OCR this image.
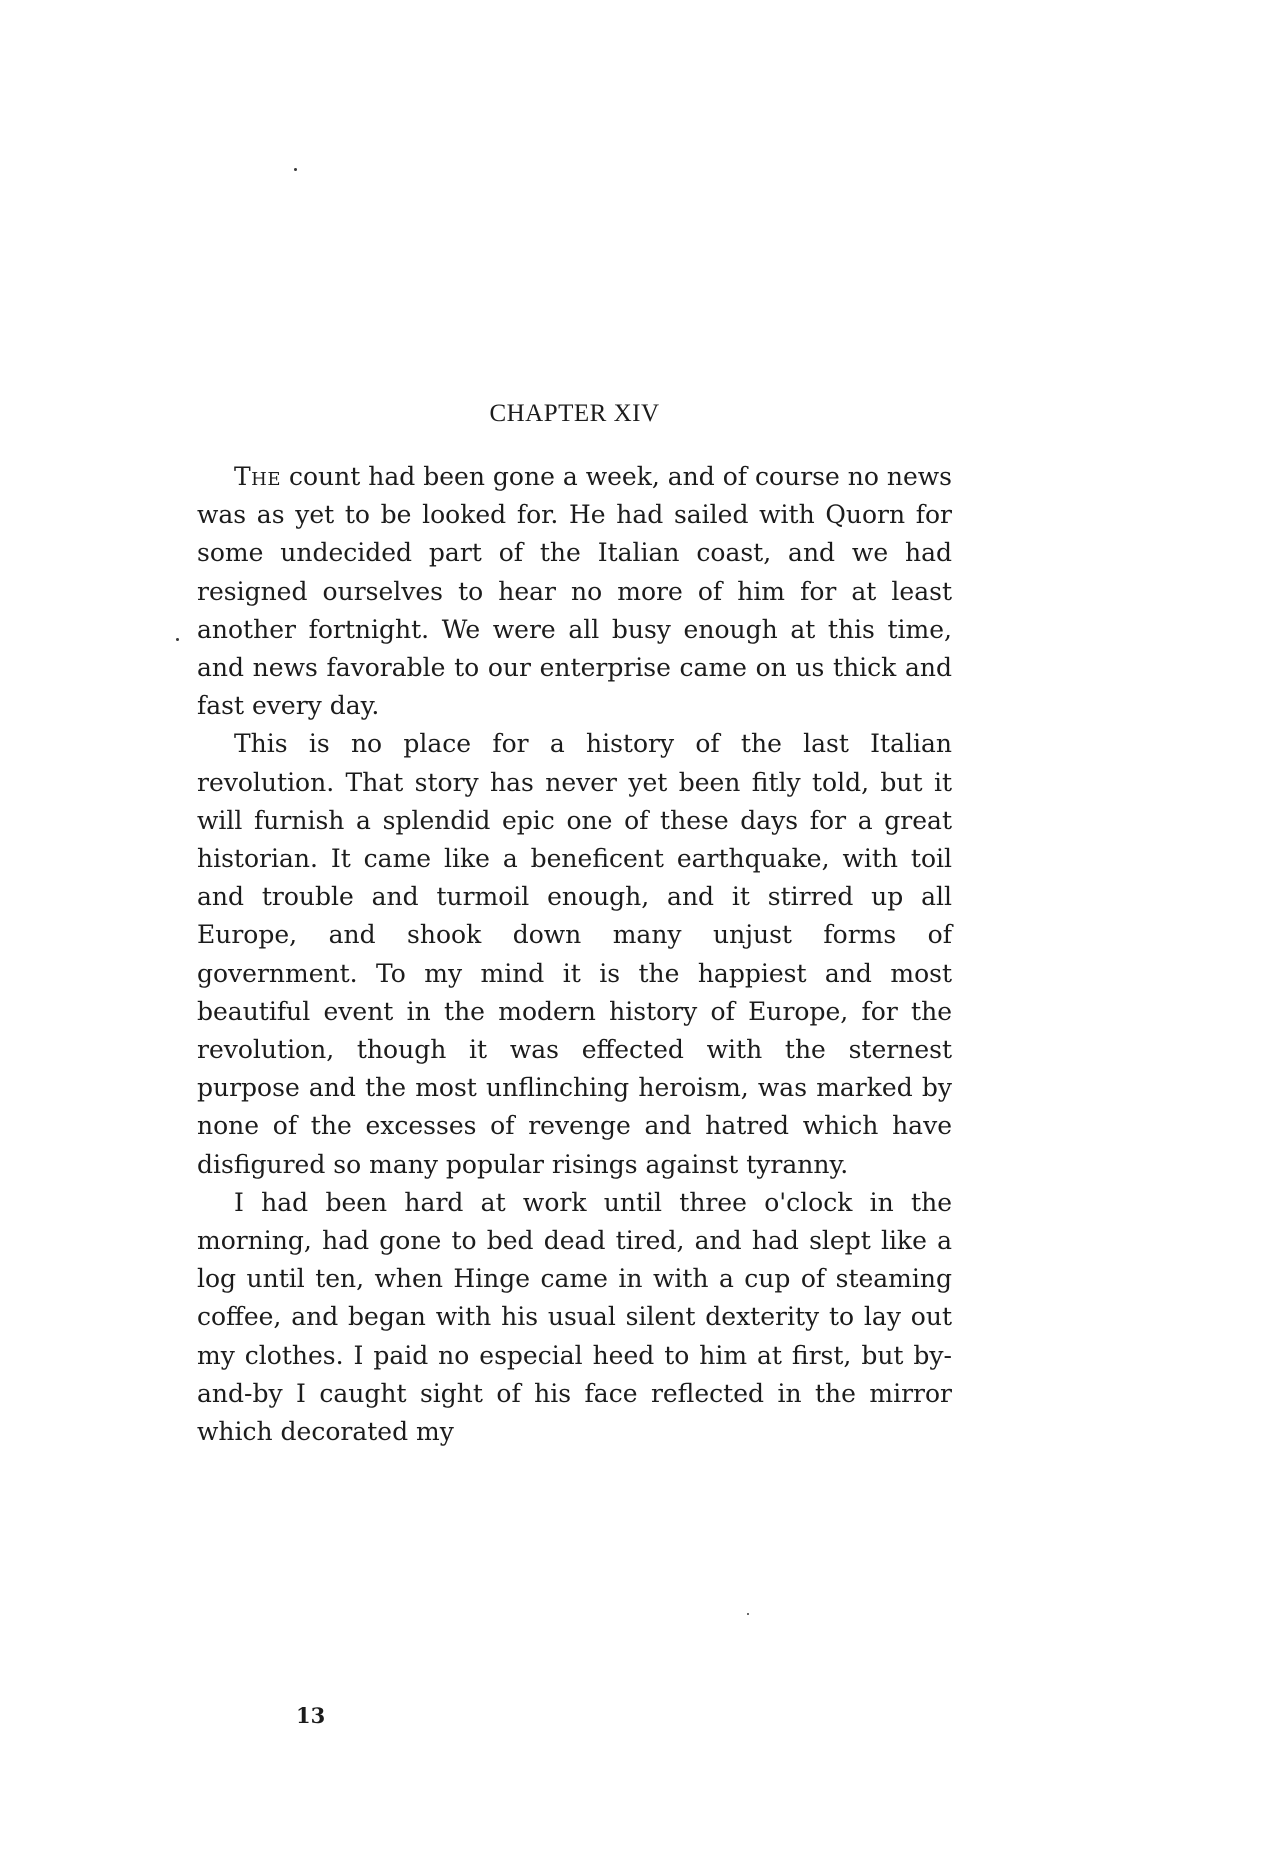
CHAPTER XIV

The count had been gone a week, and of course no news was as yet to be looked for. He had sailed with Quorn for some undecided part of the Italian coast, and we had resigned ourselves to hear no more of him for at least another fortnight. We were all busy enough at this time, and news favorable to our enterprise came on us thick and fast every day.

This is no place for a history of the last Italian revolution. That story has never yet been fitly told, but it will furnish a splendid epic one of these days for a great historian. It came like a beneficent earthquake, with toil and trouble and turmoil enough, and it stirred up all Europe, and shook down many unjust forms of government. To my mind it is the happiest and most beautiful event in the modern history of Europe, for the revolution, though it was effected with the sternest purpose and the most unflinching heroism, was marked by none of the excesses of revenge and hatred which have disfigured so many popular risings against tyranny.

I had been hard at work until three o'clock in the morning, had gone to bed dead tired, and had slept like a log until ten, when Hinge came in with a cup of steaming coffee, and began with his usual silent dexterity to lay out my clothes. I paid no especial heed to him at first, but by-and-by I caught sight of his face reflected in the mirror which decorated my

13
